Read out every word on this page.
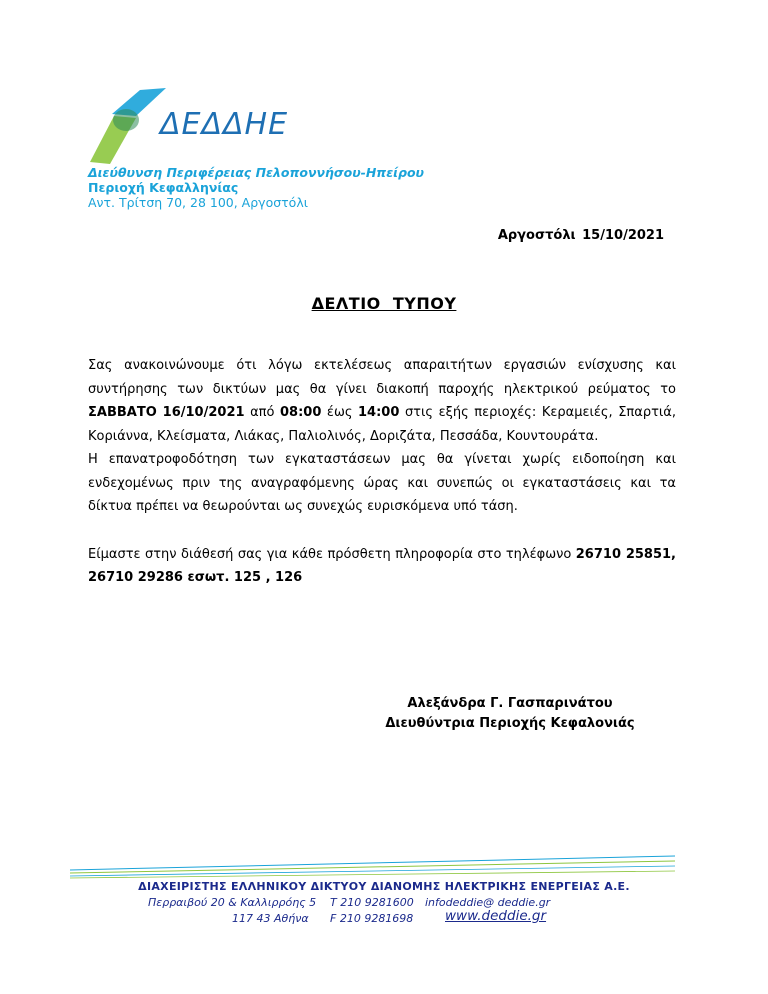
ΔΕΔΔΗΕ
Διεύθυνση Περιφέρειας Πελοποννήσου-Ηπείρου
Περιοχή Κεφαλληνίας
Αντ. Τρίτση 70, 28 100, Αργοστόλι
Αργοστόλι 15/10/2021
ΔΕΛΤΙΟ ΤΥΠΟΥ

Σας ανακοινώνουμε ότι λόγω εκτελέσεως απαραιτήτων εργασιών ενίσχυσης και συντήρησης των δικτύων μας θα γίνει διακοπή παροχής ηλεκτρικού ρεύματος το ΣΑΒΒΑΤΟ 16/10/2021 από 08:00 έως 14:00 στις εξής περιοχές: Κεραμειές, Σπαρτιά, Κοριάννα, Κλείσματα, Λιάκας, Παλιολινός, Δοριζάτα, Πεσσάδα, Κουντουράτα.

Η επανατροφοδότηση των εγκαταστάσεων μας θα γίνεται χωρίς ειδοποίηση και ενδεχομένως πριν της αναγραφόμενης ώρας και συνεπώς οι εγκαταστάσεις και τα δίκτυα πρέπει να θεωρούνται ως συνεχώς ευρισκόμενα υπό τάση.

Είμαστε στην διάθεσή σας για κάθε πρόσθετη πληροφορία στο τηλέφωνο 26710 25851, 26710 29286 εσωτ. 125 , 126

Αλεξάνδρα Γ. Γασπαρινάτου
Διευθύντρια Περιοχής Κεφαλονιάς
ΔΙΑΧΕΙΡΙΣΤΗΣ ΕΛΛΗΝΙΚΟΥ ΔΙΚΤΥΟΥ ΔΙΑΝΟΜΗΣ ΗΛΕΚΤΡΙΚΗΣ ΕΝΕΡΓΕΙΑΣ Α.Ε.
Περραιβού 20 & Καλλιρρόης 5 T 210 9281600 infodeddie@ deddie.gr
117 43 Αθήνα F 210 9281698 www.deddie.gr
